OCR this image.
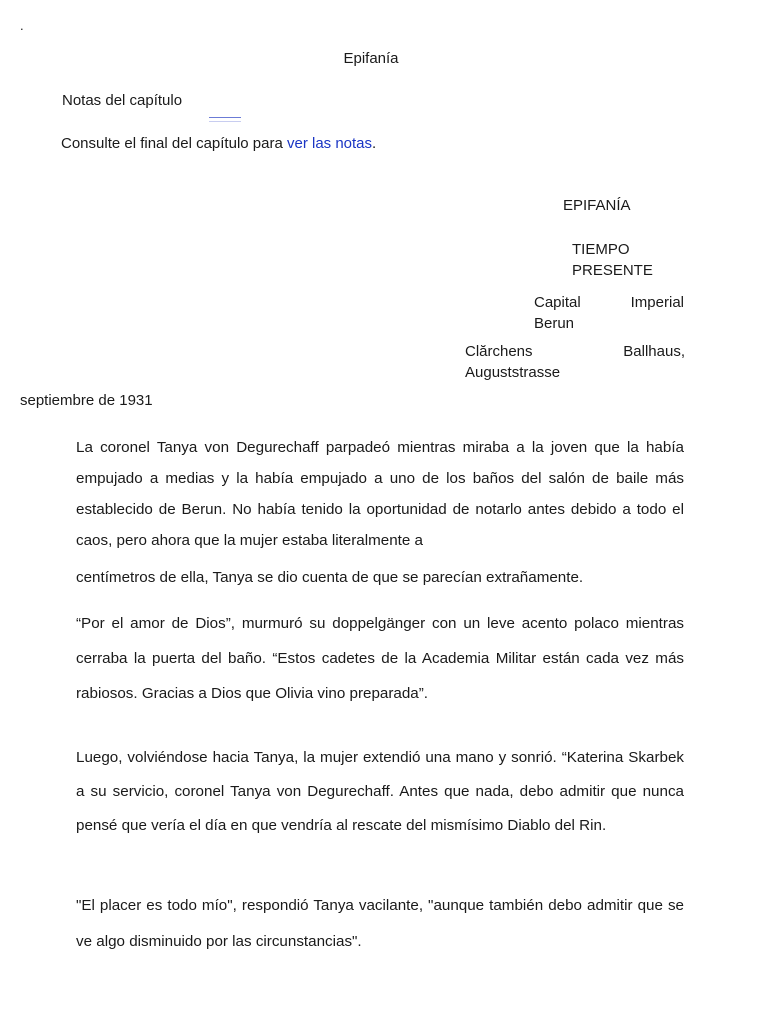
.
Epifanía
Notas del capítulo
Consulte el final del capítulo para ver las notas.
EPIFANÍA
TIEMPO
PRESENTE
Capital	Imperial
Berun
Clărchens	Ballhaus,
Auguststrasse
septiembre de 1931
La coronel Tanya von Degurechaff parpadeó mientras miraba a la joven que la había empujado a medias y la había empujado a uno de los baños del salón de baile más establecido de Berun. No había tenido la oportunidad de notarlo antes debido a todo el caos, pero ahora que la mujer estaba literalmente a
centímetros de ella, Tanya se dio cuenta de que se parecían extrañamente.
“Por el amor de Dios”, murmuró su doppelgänger con un leve acento polaco mientras cerraba la puerta del baño. “Estos cadetes de la Academia Militar están cada vez más rabiosos. Gracias a Dios que Olivia vino preparada”.
Luego, volviéndose hacia Tanya, la mujer extendió una mano y sonrió. “Katerina Skarbek a su servicio, coronel Tanya von Degurechaff. Antes que nada, debo admitir que nunca pensé que vería el día en que vendría al rescate del mismísimo Diablo del Rin.
"El placer es todo mío", respondió Tanya vacilante, "aunque también debo admitir que se ve algo disminuido por las circunstancias".
